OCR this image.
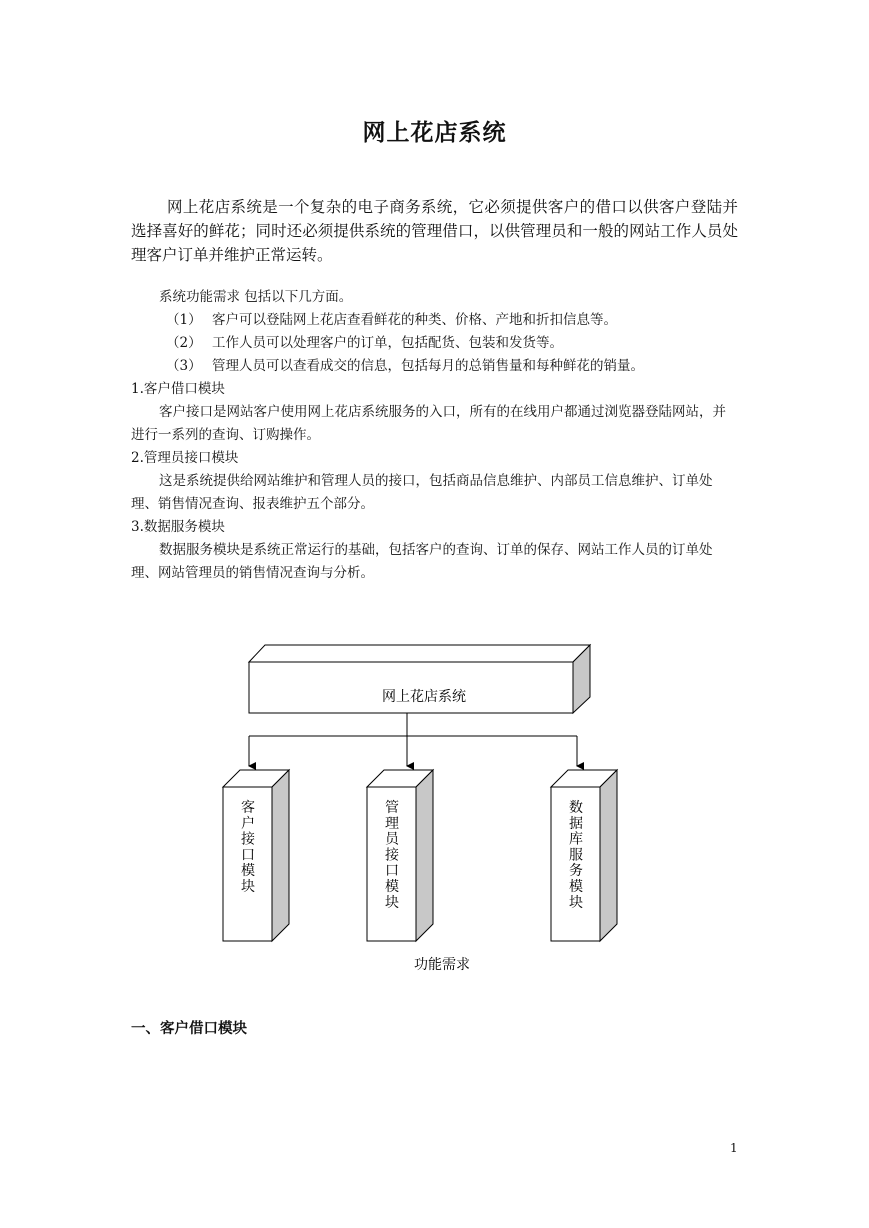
网上花店系统

网上花店系统是一个复杂的电子商务系统，它必须提供客户的借口以供客户登陆并选择喜好的鲜花；同时还必须提供系统的管理借口，以供管理员和一般的网站工作人员处理客户订单并维护正常运转。

系统功能需求 包括以下几方面。

（1） 客户可以登陆网上花店查看鲜花的种类、价格、产地和折扣信息等。

（2） 工作人员可以处理客户的订单，包括配货、包装和发货等。

（3） 管理人员可以查看成交的信息，包括每月的总销售量和每种鲜花的销量。

1.客户借口模块

客户接口是网站客户使用网上花店系统服务的入口，所有的在线用户都通过浏览器登陆网站，并进行一系列的查询、订购操作。

2.管理员接口模块

这是系统提供给网站维护和管理人员的接口，包括商品信息维护、内部员工信息维护、订单处理、销售情况查询、报表维护五个部分。

3.数据服务模块

数据服务模块是系统正常运行的基础，包括客户的查询、订单的保存、网站工作人员的订单处理、网站管理员的销售情况查询与分析。

网上花店系统
客户接口模块
管理员接口模块
数据库服务模块
功能需求
一、客户借口模块
1
